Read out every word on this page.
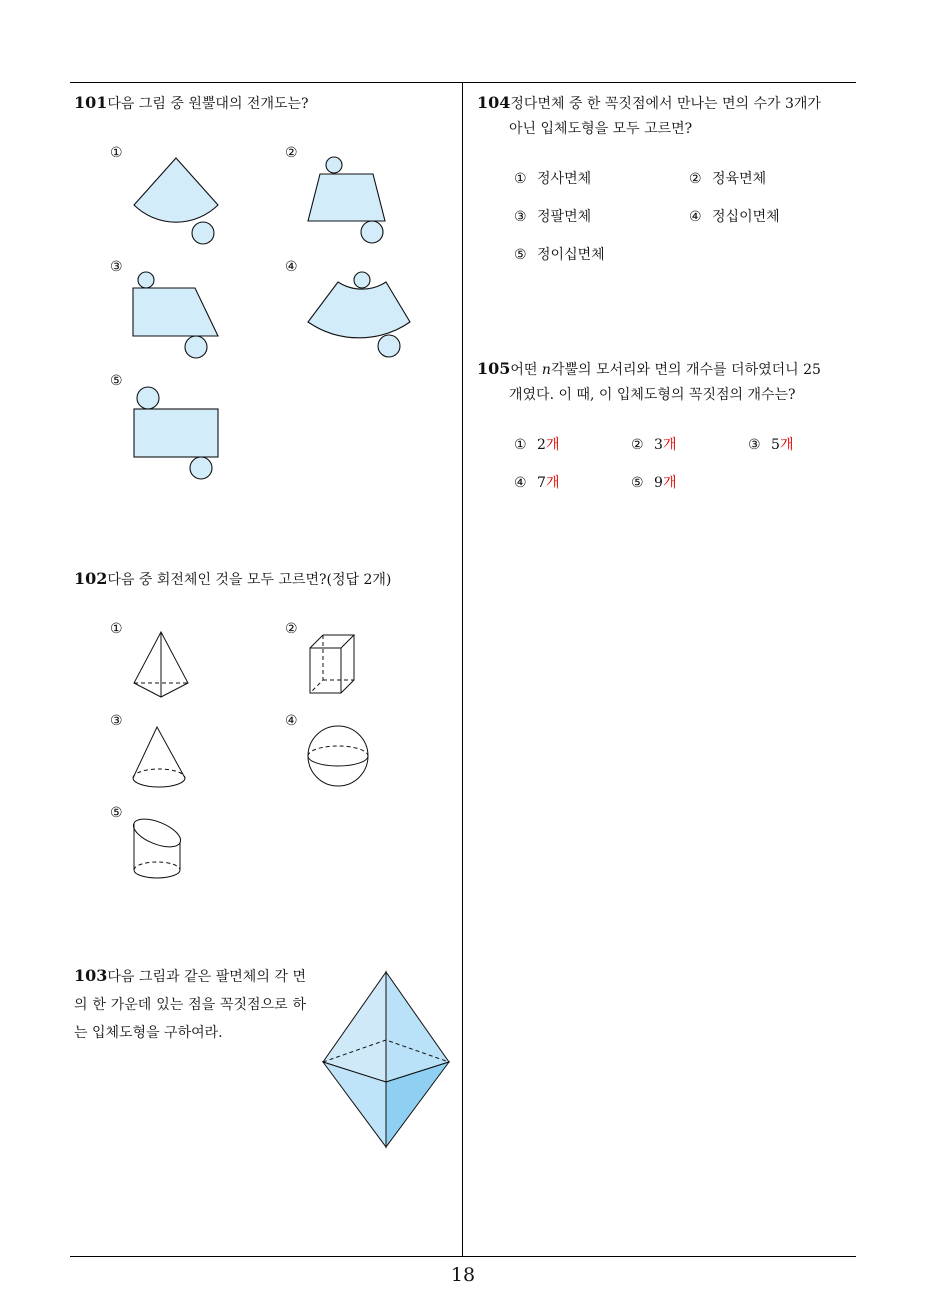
101다음 그림 중 원뿔대의 전개도는?
①	②
③	④
⑤
102다음 중 회전체인 것을 모두 고르면?(정답 2개)
①	②
③	④
⑤
103다음 그림과 같은 팔면체의 각 면의 한 가운데 있는 점을 꼭짓점으로 하는 입체도형을 구하여라.
104정다면체 중 한 꼭짓점에서 만나는 면의 수가 3개가
아닌 입체도형을 모두 고르면?
① 정사면체	② 정육면체
③ 정팔면체	④ 정십이면체
⑤ 정이십면체
105어떤 n각뿔의 모서리와 면의 개수를 더하였더니 25
개였다. 이 때, 이 입체도형의 꼭짓점의 개수는?
① 2개	② 3개	③ 5개
④ 7개	⑤ 9개
18
